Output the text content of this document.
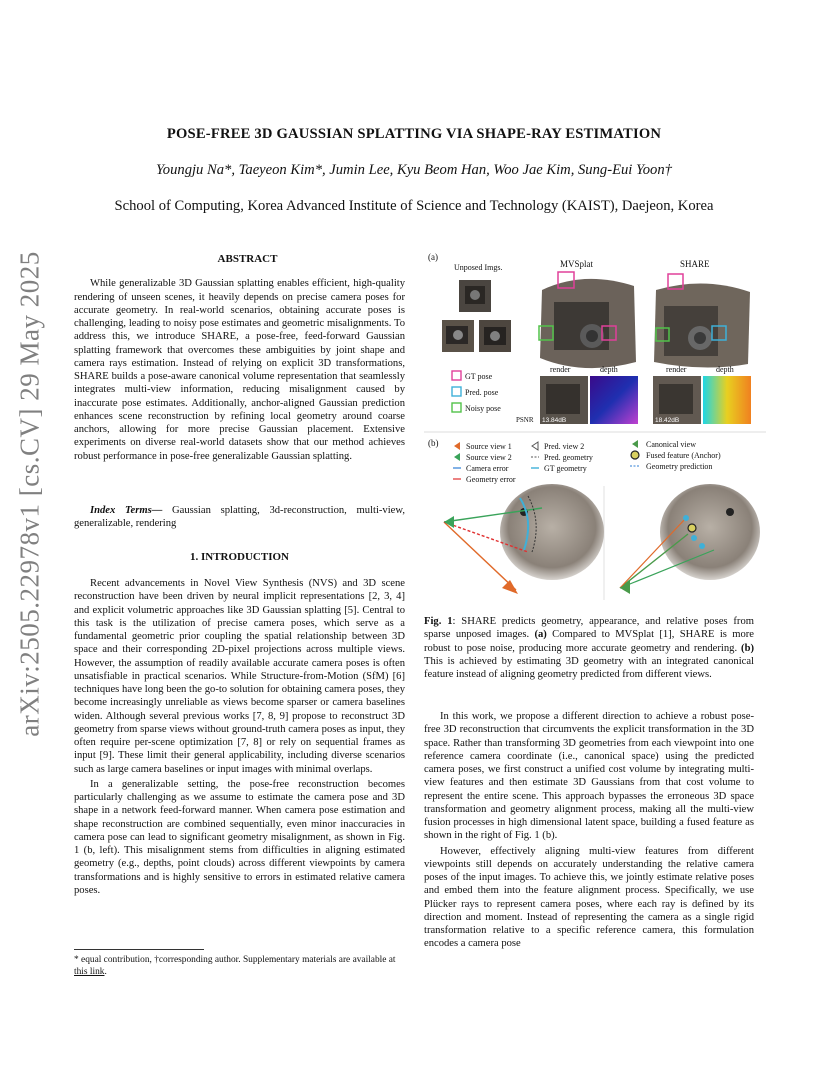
arXiv:2505.22978v1 [cs.CV] 29 May 2025
POSE-FREE 3D GAUSSIAN SPLATTING VIA SHAPE-RAY ESTIMATION
Youngju Na*, Taeyeon Kim*, Jumin Lee, Kyu Beom Han, Woo Jae Kim, Sung-Eui Yoon†
School of Computing, Korea Advanced Institute of Science and Technology (KAIST), Daejeon, Korea

ABSTRACT

While generalizable 3D Gaussian splatting enables efficient, high-quality rendering of unseen scenes, it heavily depends on precise camera poses for accurate geometry. In real-world scenarios, obtaining accurate poses is challenging, leading to noisy pose estimates and geometric misalignments. To address this, we introduce SHARE, a pose-free, feed-forward Gaussian splatting framework that overcomes these ambiguities by joint shape and camera rays estimation. Instead of relying on explicit 3D transformations, SHARE builds a pose-aware canonical volume representation that seamlessly integrates multi-view information, reducing misalignment caused by inaccurate pose estimates. Additionally, anchor-aligned Gaussian prediction enhances scene reconstruction by refining local geometry around coarse anchors, allowing for more precise Gaussian placement. Extensive experiments on diverse real-world datasets show that our method achieves robust performance in pose-free generalizable Gaussian splatting.

Index Terms— Gaussian splatting, 3d-reconstruction, multi-view, generalizable, rendering

1. INTRODUCTION

Recent advancements in Novel View Synthesis (NVS) and 3D scene reconstruction have been driven by neural implicit representations [2, 3, 4] and explicit volumetric approaches like 3D Gaussian splatting [5]. Central to this task is the utilization of precise camera poses, which serve as a fundamental geometric prior coupling the spatial relationship between 3D space and their corresponding 2D-pixel projections across multiple views. However, the assumption of readily available accurate camera poses is often unsatisfiable in practical scenarios. While Structure-from-Motion (SfM) [6] techniques have long been the go-to solution for obtaining camera poses, they become increasingly unreliable as views become sparser or camera baselines widen. Although several previous works [7, 8, 9] propose to reconstruct 3D geometry from sparse views without ground-truth camera poses as input, they often require per-scene optimization [7, 8] or rely on sequential frames as input [9]. These limit their general applicability, including diverse scenarios such as large camera baselines or input images with minimal overlaps.

In a generalizable setting, the pose-free reconstruction becomes particularly challenging as we assume to estimate the camera pose and 3D shape in a network feed-forward manner. When camera pose estimation and shape reconstruction are combined sequentially, even minor inaccuracies in camera pose can lead to significant geometry misalignment, as shown in Fig. 1 (b, left). This misalignment stems from difficulties in aligning estimated geometry (e.g., depths, point clouds) across different viewpoints by camera transformations and is highly sensitive to errors in estimated relative camera poses.

* equal contribution, †corresponding author. Supplementary materials are available at this link.
(a)
Unposed Imgs.	MVSplat	SHARE
GT pose
Pred. pose
Noisy pose
render	depth	render	depth
PSNR 13.84dB	18.42dB
(b)	Source view 1
Source view 2
Camera error
Geometry error
Pred. view 2
Pred. geometry
GT geometry
Canonical view
Fused feature (Anchor)
Geometry prediction

Fig. 1: SHARE predicts geometry, appearance, and relative poses from sparse unposed images. (a) Compared to MVSplat [1], SHARE is more robust to pose noise, producing more accurate geometry and rendering. (b) This is achieved by estimating 3D geometry with an integrated canonical feature instead of aligning geometry predicted from different views.

In this work, we propose a different direction to achieve a robust pose-free 3D reconstruction that circumvents the explicit transformation in the 3D space. Rather than transforming 3D geometries from each viewpoint into one reference camera coordinate (i.e., canonical space) using the predicted camera poses, we first construct a unified cost volume by integrating multi-view features and then estimate 3D Gaussians from that cost volume to represent the entire scene. This approach bypasses the erroneous 3D space transformation and geometry alignment process, making all the multi-view fusion processes in high dimensional latent space, building a fused feature as shown in the right of Fig. 1 (b).

However, effectively aligning multi-view features from different viewpoints still depends on accurately understanding the relative camera poses of the input images. To achieve this, we jointly estimate relative poses and embed them into the feature alignment process. Specifically, we use Plücker rays to represent camera poses, where each ray is defined by its direction and moment. Instead of representing the camera as a single rigid transformation relative to a specific reference camera, this formulation encodes a camera pose
